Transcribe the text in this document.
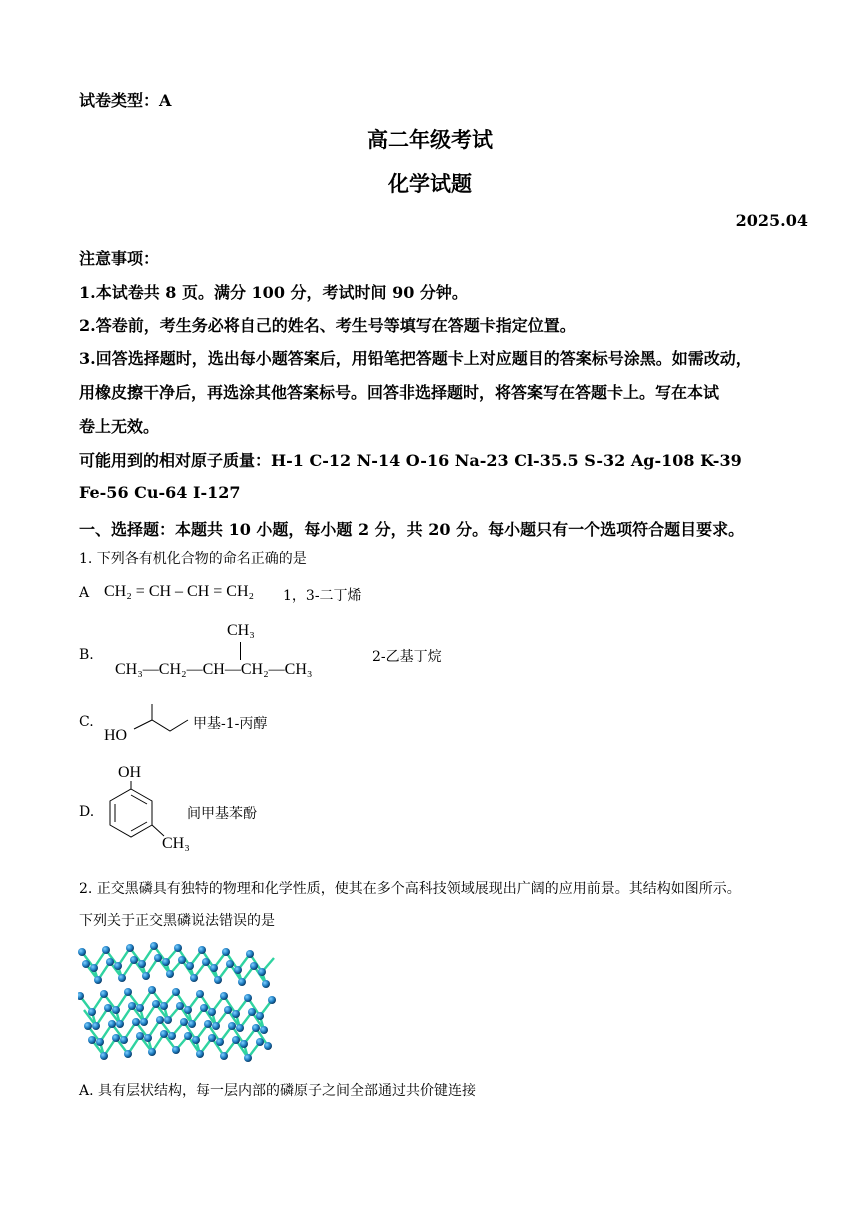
试卷类型：A
高二年级考试
化学试题
2025.04
注意事项：
1.本试卷共 8 页。满分 100 分，考试时间 90 分钟。
2.答卷前，考生务必将自己的姓名、考生号等填写在答题卡指定位置。
3.回答选择题时，选出每小题答案后，用铅笔把答题卡上对应题目的答案标号涂黑。如需改动，
用橡皮擦干净后，再选涂其他答案标号。回答非选择题时，将答案写在答题卡上。写在本试
卷上无效。
可能用到的相对原子质量：H-1 C-12 N-14 O-16 Na-23 Cl-35.5 S-32 Ag-108 K-39
Fe-56 Cu-64 I-127
一、选择题：本题共 10 小题，每小题 2 分，共 20 分。每小题只有一个选项符合题目要求。
1. 下列各有机化合物的命名正确的是
A CH₂ = CH – CH = CH₂ 1，3-二丁烯
B.
CH₃
CH₃—CH₂—CH—CH₂—CH₃
2-乙基丁烷
C.
HO
甲基-1-丙醇
D.
OH
CH₃
间甲基苯酚
2. 正交黑磷具有独特的物理和化学性质，使其在多个高科技领域展现出广阔的应用前景。其结构如图所示。
下列关于正交黑磷说法错误的是
A. 具有层状结构，每一层内部的磷原子之间全部通过共价键连接
